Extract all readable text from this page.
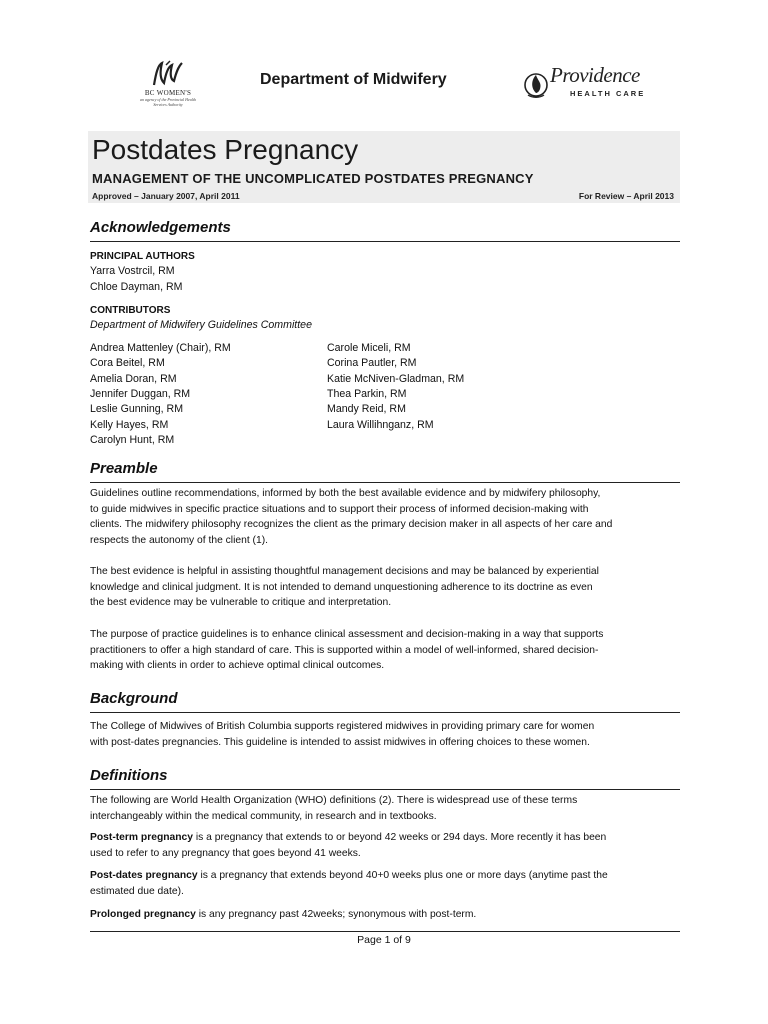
BC WOMEN'S
an agency of the Provincial Health Services Authority
Department of Midwifery	Providence
HEALTH CARE
Postdates Pregnancy
MANAGEMENT OF THE UNCOMPLICATED POSTDATES PREGNANCY
Approved – January 2007, April 2011	For Review – April 2013
Acknowledgements
PRINCIPAL AUTHORS
Yarra Vostrcil, RM
Chloe Dayman, RM
CONTRIBUTORS
Department of Midwifery Guidelines Committee
Andrea Mattenley (Chair), RM
Cora Beitel, RM
Amelia Doran, RM
Jennifer Duggan, RM
Leslie Gunning, RM
Kelly Hayes, RM
Carolyn Hunt, RM
Carole Miceli, RM
Corina Pautler, RM
Katie McNiven-Gladman, RM
Thea Parkin, RM
Mandy Reid, RM
Laura Willihnganz, RM
Preamble
Guidelines outline recommendations, informed by both the best available evidence and by midwifery philosophy,
to guide midwives in specific practice situations and to support their process of informed decision-making with
clients. The midwifery philosophy recognizes the client as the primary decision maker in all aspects of her care and
respects the autonomy of the client (1).
The best evidence is helpful in assisting thoughtful management decisions and may be balanced by experiential
knowledge and clinical judgment. It is not intended to demand unquestioning adherence to its doctrine as even
the best evidence may be vulnerable to critique and interpretation.
The purpose of practice guidelines is to enhance clinical assessment and decision-making in a way that supports
practitioners to offer a high standard of care. This is supported within a model of well-informed, shared decision-
making with clients in order to achieve optimal clinical outcomes.
Background
The College of Midwives of British Columbia supports registered midwives in providing primary care for women
with post-dates pregnancies. This guideline is intended to assist midwives in offering choices to these women.
Definitions
The following are World Health Organization (WHO) definitions (2). There is widespread use of these terms
interchangeably within the medical community, in research and in textbooks.
Post-term pregnancy is a pregnancy that extends to or beyond 42 weeks or 294 days. More recently it has been
used to refer to any pregnancy that goes beyond 41 weeks.
Post-dates pregnancy is a pregnancy that extends beyond 40+0 weeks plus one or more days (anytime past the
estimated due date).
Prolonged pregnancy is any pregnancy past 42weeks; synonymous with post-term.
Page 1 of 9
